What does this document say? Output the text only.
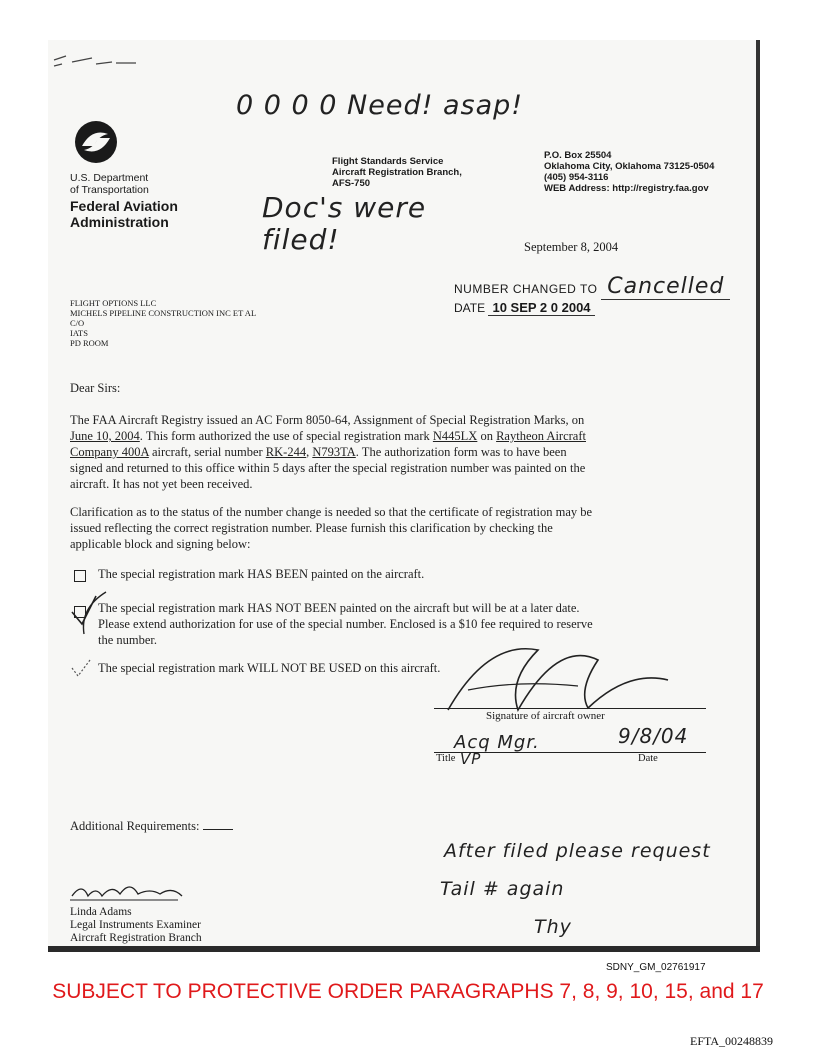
0 0 0 0 Need! asap!
U.S. Department
of Transportation
Federal Aviation
Administration
Flight Standards Service
Aircraft Registration Branch,
AFS-750
P.O. Box 25504
Oklahoma City, Oklahoma 73125-0504
(405) 954-3116
WEB Address: http://registry.faa.gov
Doc's were filed!	September 8, 2004
NUMBER CHANGED TO Cancelled
DATE 10 SEP 2 0 2004
FLIGHT OPTIONS LLC
MICHELS PIPELINE CONSTRUCTION INC ET AL
C/O
IATS
PD ROOM
Dear Sirs:
The FAA Aircraft Registry issued an AC Form 8050-64, Assignment of Special Registration Marks, on
June 10, 2004. This form authorized the use of special registration mark N445LX on Raytheon Aircraft
Company 400A aircraft, serial number RK-244, N793TA. The authorization form was to have been
signed and returned to this office within 5 days after the special registration number was painted on the
aircraft. It has not yet been received.
Clarification as to the status of the number change is needed so that the certificate of registration may be
issued reflecting the correct registration number. Please furnish this clarification by checking the
applicable block and signing below:
The special registration mark HAS BEEN painted on the aircraft.
The special registration mark HAS NOT BEEN painted on the aircraft but will be at a later date.
Please extend authorization for use of the special number. Enclosed is a $10 fee required to reserve
the number.
The special registration mark WILL NOT BE USED on this aircraft.
Signature of aircraft owner
Acq Mgr.	9/8/04
Title VP	Date
Additional Requirements:
After filed please request
Tail # again
Thy
Linda Adams
Legal Instruments Examiner
Aircraft Registration Branch
SDNY_GM_02761917
SUBJECT TO PROTECTIVE ORDER PARAGRAPHS 7, 8, 9, 10, 15, and 17
EFTA_00248839
